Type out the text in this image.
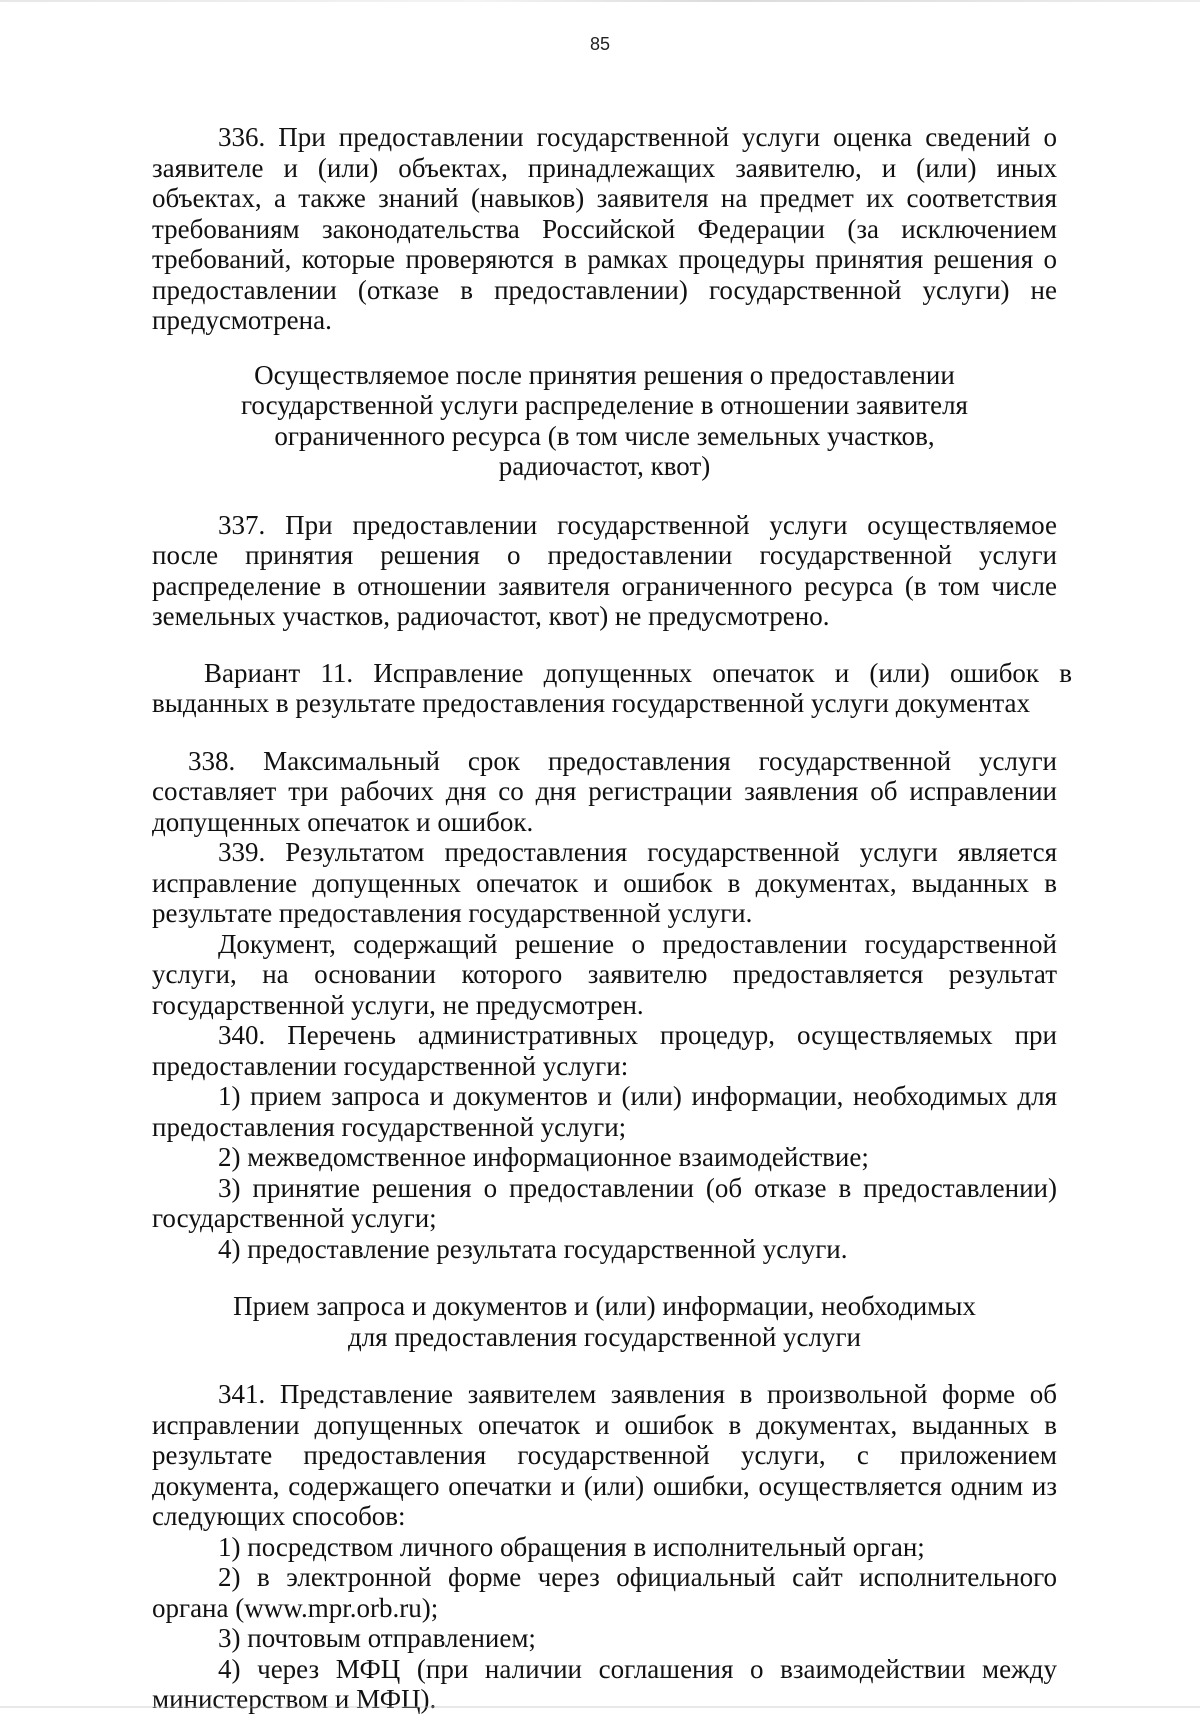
85

336. При предоставлении государственной услуги оценка сведений о заявителе и (или) объектах, принадлежащих заявителю, и (или) иных объектах, а также знаний (навыков) заявителя на предмет их соответствия требованиям законодательства Российской Федерации (за исключением требований, которые проверяются в рамках процедуры принятия решения о предоставлении (отказе в предоставлении) государственной услуги) не предусмотрена.

Осуществляемое после принятия решения о предоставлении государственной услуги распределение в отношении заявителя ограниченного ресурса (в том числе земельных участков, радиочастот, квот)

337. При предоставлении государственной услуги осуществляемое после принятия решения о предоставлении государственной услуги распределение в отношении заявителя ограниченного ресурса (в том числе земельных участков, радиочастот, квот) не предусмотрено.

Вариант 11. Исправление допущенных опечаток и (или) ошибок в выданных в результате предоставления государственной услуги документах

338. Максимальный срок предоставления государственной услуги составляет три рабочих дня со дня регистрации заявления об исправлении допущенных опечаток и ошибок.

339. Результатом предоставления государственной услуги является исправление допущенных опечаток и ошибок в документах, выданных в результате предоставления государственной услуги.

Документ, содержащий решение о предоставлении государственной услуги, на основании которого заявителю предоставляется результат государственной услуги, не предусмотрен.

340. Перечень административных процедур, осуществляемых при предоставлении государственной услуги:

1) прием запроса и документов и (или) информации, необходимых для предоставления государственной услуги;

2) межведомственное информационное взаимодействие;

3) принятие решения о предоставлении (об отказе в предоставлении) государственной услуги;

4) предоставление результата государственной услуги.

Прием запроса и документов и (или) информации, необходимых для предоставления государственной услуги

341. Представление заявителем заявления в произвольной форме об исправлении допущенных опечаток и ошибок в документах, выданных в результате предоставления государственной услуги, с приложением документа, содержащего опечатки и (или) ошибки, осуществляется одним из следующих способов:

1) посредством личного обращения в исполнительный орган;

2) в электронной форме через официальный сайт исполнительного органа (www.mpr.orb.ru);

3) почтовым отправлением;

4) через МФЦ (при наличии соглашения о взаимодействии между министерством и МФЦ).
